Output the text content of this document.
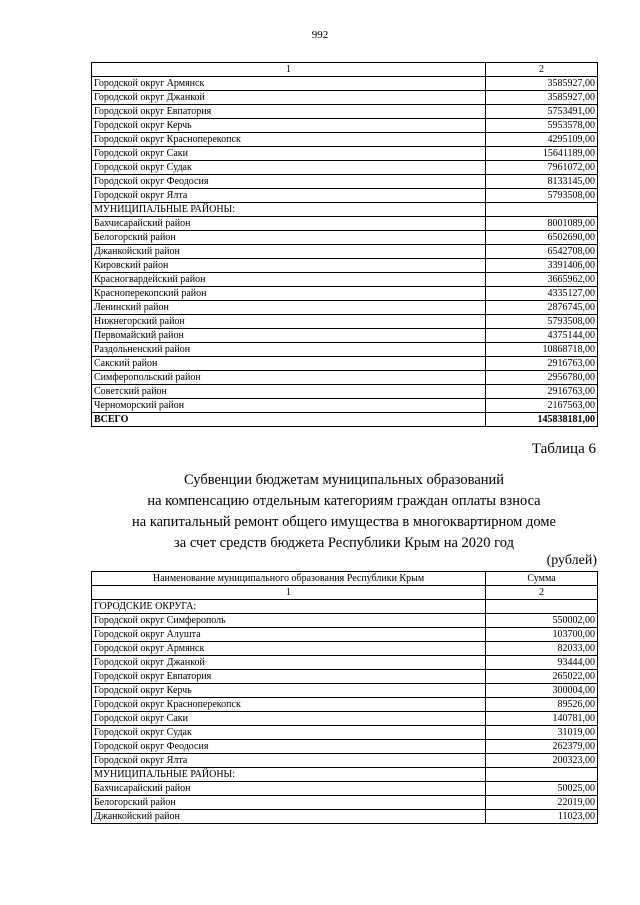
992
1	2
Городской округ Армянск	3585927,00
Городской округ Джанкой	3585927,00
Городской округ Евпатория	5753491,00
Городской округ Керчь	5953578,00
Городской округ Красноперекопск	4295109,00
Городской округ Саки	15641189,00
Городской округ Судак	7961072,00
Городской округ Феодосия	8133145,00
Городской округ Ялта	5793508,00
МУНИЦИПАЛЬНЫЕ РАЙОНЫ:	
Бахчисарайский район	8001089,00
Белогорский район	6502690,00
Джанкойский район	6542708,00
Кировский район	3391406,00
Красногвардейский район	3665962,00
Красноперекопский район	4335127,00
Ленинский район	2876745,00
Нижнегорский район	5793508,00
Первомайский район	4375144,00
Раздольненский район	10868718,00
Сакский район	2916763,00
Симферопольский район	2956780,00
Советский район	2916763,00
Черноморский район	2167563,00
ВСЕГО	145838181,00
Таблица 6
Субвенции бюджетам муниципальных образований
на компенсацию отдельным категориям граждан оплаты взноса
на капитальный ремонт общего имущества в многоквартирном доме
за счет средств бюджета Республики Крым на 2020 год
(рублей)
Наименование муниципального образования Республики Крым	Сумма
1	2
ГОРОДСКИЕ ОКРУГА:	
Городской округ Симферополь	550002,00
Городской округ Алушта	103700,00
Городской округ Армянск	82033,00
Городской округ Джанкой	93444,00
Городской округ Евпатория	265022,00
Городской округ Керчь	300004,00
Городской округ Красноперекопск	89526,00
Городской округ Саки	140781,00
Городской округ Судак	31019,00
Городской округ Феодосия	262379,00
Городской округ Ялта	200323,00
МУНИЦИПАЛЬНЫЕ РАЙОНЫ:	
Бахчисарайский район	50025,00
Белогорский район	22019,00
Джанкойский район	11023,00
